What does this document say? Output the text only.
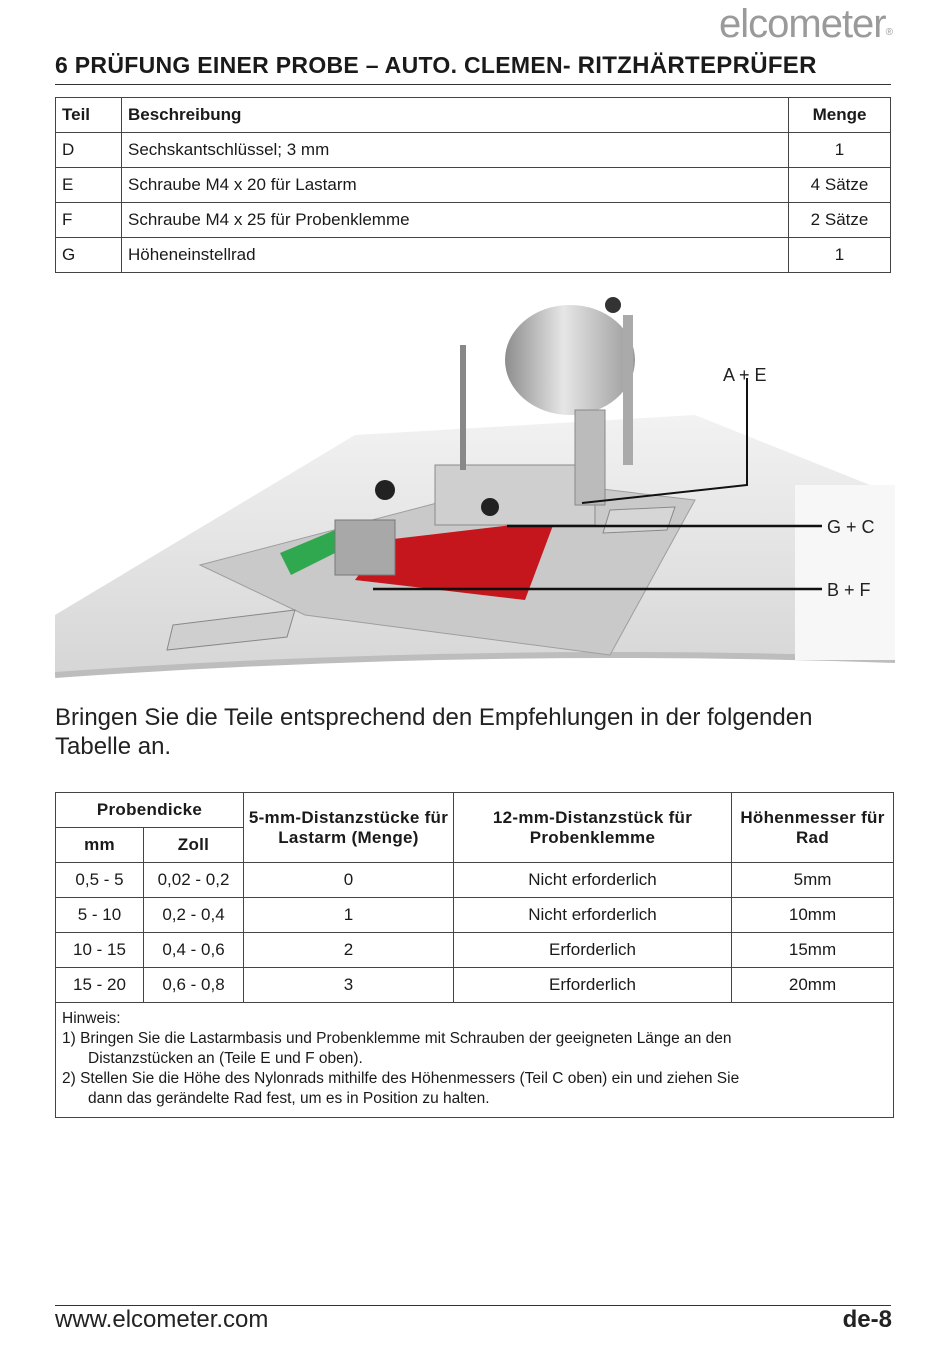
elcometer®
6 PRÜFUNG EINER PROBE – AUTO. CLEMEN- RITZHÄRTEPRÜFER
Teil	Beschreibung	Menge
D	Sechskantschlüssel; 3 mm	1
E	Schraube M4 x 20 für Lastarm	4 Sätze
F	Schraube M4 x 25 für Probenklemme	2 Sätze
G	Höheneinstellrad	1
A + E
G + C
B + F
Bringen Sie die Teile entsprechend den Empfehlungen in der folgenden Tabelle an.
Probendicke		5-mm-Distanzstücke für Lastarm (Menge)	12-mm-Distanzstück für Probenklemme	Höhenmesser für Rad
mm	Zoll			
0,5 - 5	0,02 - 0,2	0	Nicht erforderlich	5mm
5 - 10	0,2 - 0,4	1	Nicht erforderlich	10mm
10 - 15	0,4 - 0,6	2	Erforderlich	15mm
15 - 20	0,6 - 0,8	3	Erforderlich	20mm

Hinweis:
1) Bringen Sie die Lastarmbasis und Probenklemme mit Schrauben der geeigneten Länge an den
Distanzstücken an (Teile E und F oben).
2) Stellen Sie die Höhe des Nylonrads mithilfe des Höhenmessers (Teil C oben) ein und ziehen Sie
dann das gerändelte Rad fest, um es in Position zu halten.				
www.elcometer.com	de-8
